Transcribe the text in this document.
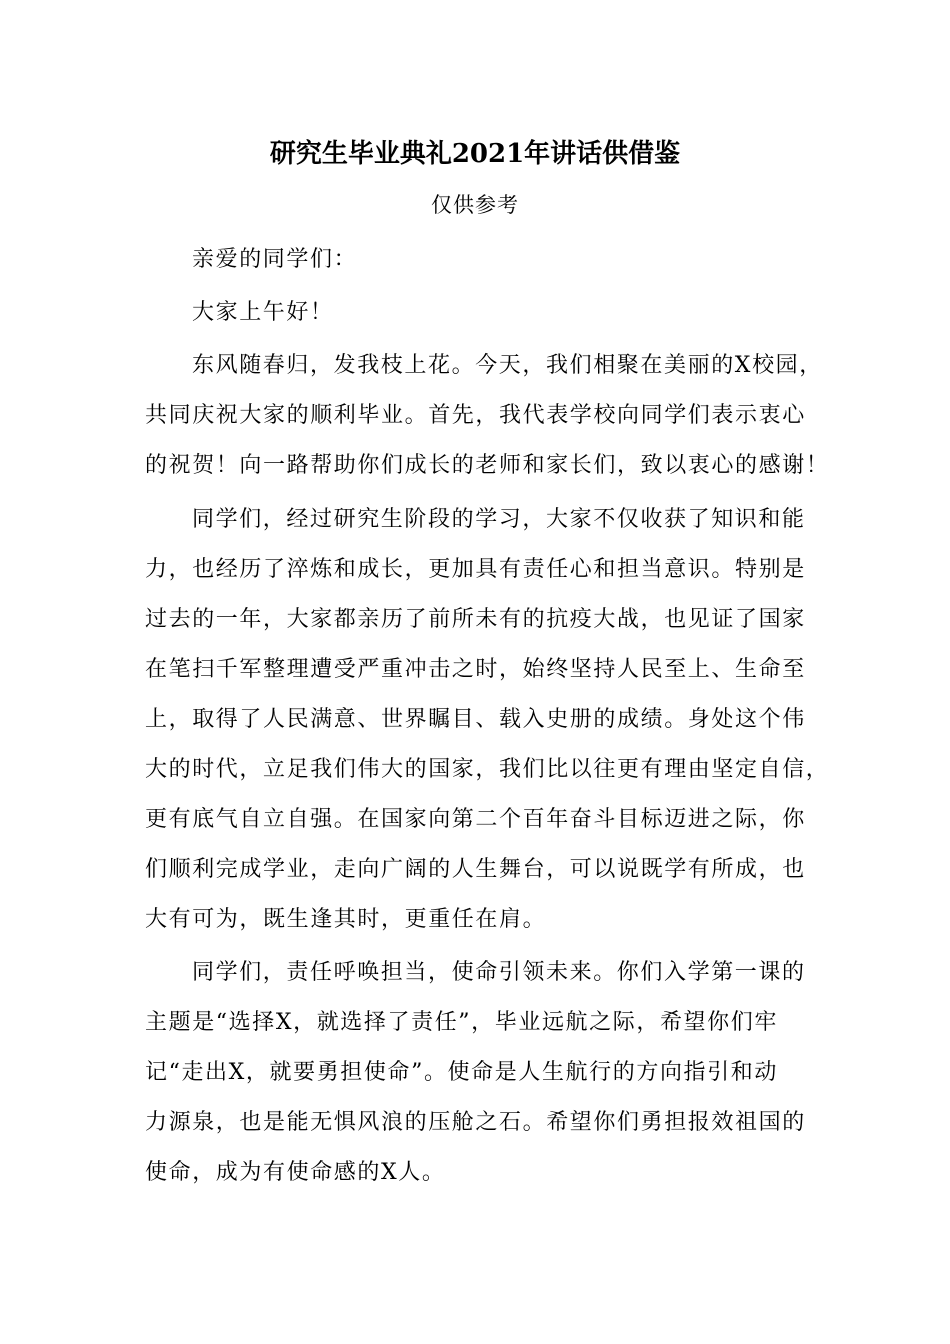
研究生毕业典礼2021年讲话供借鉴
仅供参考
亲爱的同学们：
大家上午好！
东风随春归，发我枝上花。今天，我们相聚在美丽的X校园，
共同庆祝大家的顺利毕业。首先，我代表学校向同学们表示衷心
的祝贺！向一路帮助你们成长的老师和家长们，致以衷心的感谢！
同学们，经过研究生阶段的学习，大家不仅收获了知识和能
力，也经历了淬炼和成长，更加具有责任心和担当意识。特别是
过去的一年，大家都亲历了前所未有的抗疫大战，也见证了国家
在笔扫千军整理遭受严重冲击之时，始终坚持人民至上、生命至
上，取得了人民满意、世界瞩目、载入史册的成绩。身处这个伟
大的时代，立足我们伟大的国家，我们比以往更有理由坚定自信，
更有底气自立自强。在国家向第二个百年奋斗目标迈进之际，你
们顺利完成学业，走向广阔的人生舞台，可以说既学有所成，也
大有可为，既生逢其时，更重任在肩。
同学们，责任呼唤担当，使命引领未来。你们入学第一课的
主题是“选择X，就选择了责任”，毕业远航之际，希望你们牢
记“走出X，就要勇担使命”。使命是人生航行的方向指引和动
力源泉，也是能无惧风浪的压舱之石。希望你们勇担报效祖国的
使命，成为有使命感的X人。
